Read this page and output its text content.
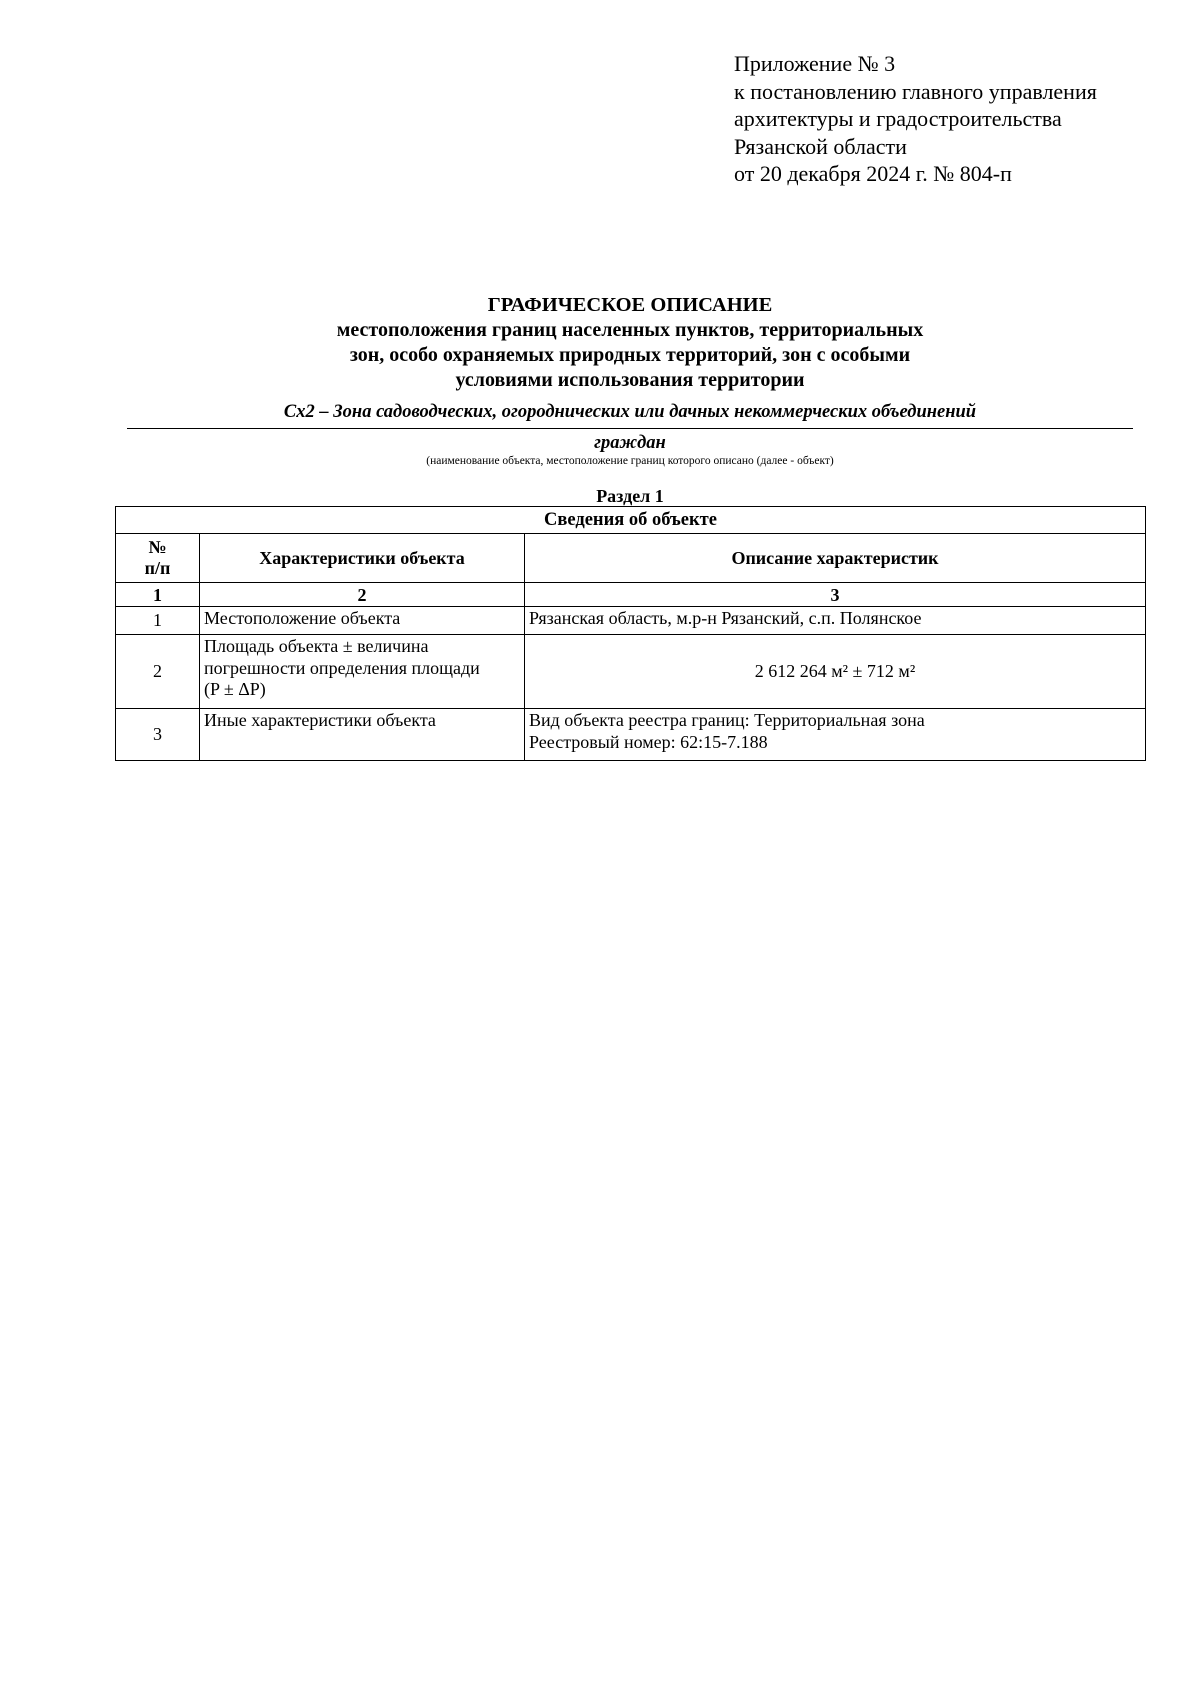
Приложение № 3
к постановлению главного управления
архитектуры и градостроительства
Рязанской области
от 20 декабря 2024 г. № 804-п
ГРАФИЧЕСКОЕ ОПИСАНИЕ
местоположения границ населенных пунктов, территориальных
зон, особо охраняемых природных территорий, зон с особыми
условиями использования территории
Сх2 – Зона садоводческих, огороднических или дачных некоммерческих объединений
граждан
(наименование объекта, местоположение границ которого описано (далее - объект)
Раздел 1
Сведения об объекте		

№
п/п	Характеристики объекта	Описание характеристик
1	2	3
1	Местоположение объекта	Рязанская область, м.р-н Рязанский, с.п. Полянское

2	Площадь объекта ± величина
погрешности определения площади
(P ± ΔP)	2 612 264 м² ± 712 м²

3	Иные характеристики объекта	Вид объекта реестра границ: Территориальная зона
Реестровый номер: 62:15-7.188
